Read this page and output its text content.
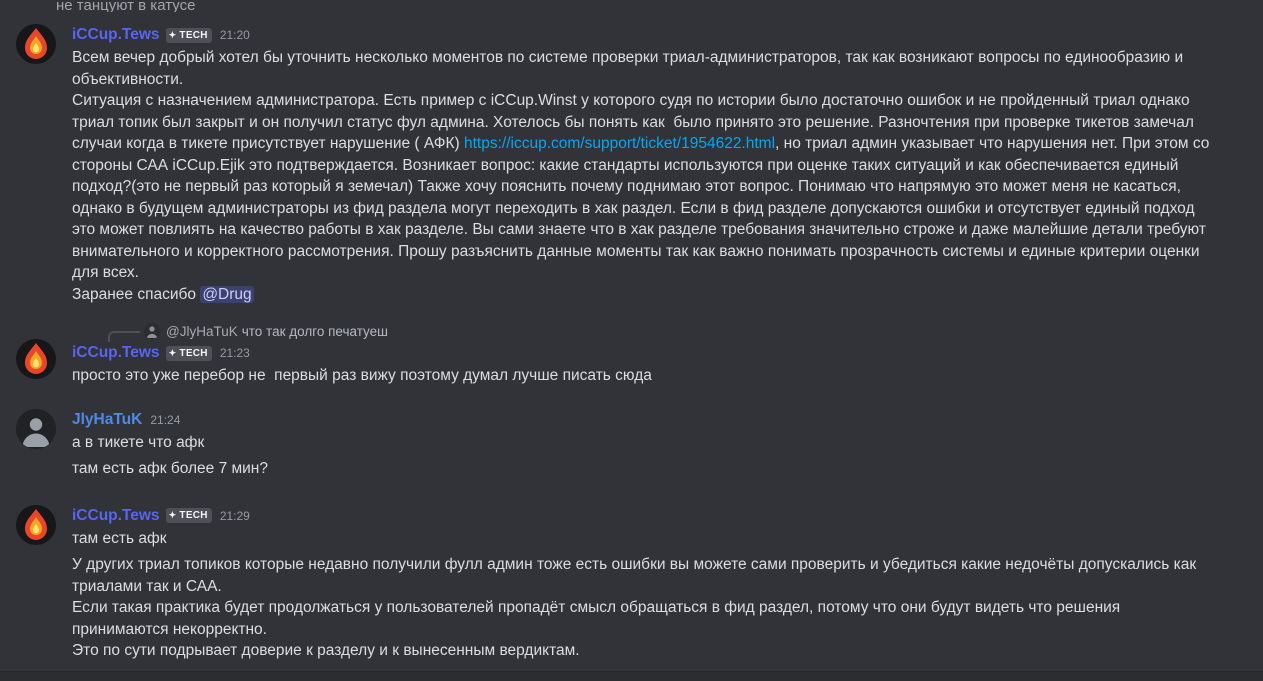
не танцуют в катусе
iCCup.Tews ✦ TECH 21:20
Всем вечер добрый хотел бы уточнить несколько моментов по системе проверки триал-администраторов, так как возникают вопросы по единообразию и объективности.
Ситуация с назначением администратора. Есть пример с iCCup.Winst у которого судя по истории было достаточно ошибок и не пройденный триал однако триал топик был закрыт и он получил статус фул админа. Хотелось бы понять как  было принято это решение. Разночтения при проверке тикетов замечал случаи когда в тикете присутствует нарушение ( АФК) https://iccup.com/support/ticket/1954622.html, но триал админ указывает что нарушения нет. При этом со стороны САА iCCup.Ejik это подтверждается. Возникает вопрос: какие стандарты используются при оценке таких ситуаций и как обеспечивается единый подход?(это не первый раз который я земечал) Также хочу пояснить почему поднимаю этот вопрос. Понимаю что напрямую это может меня не касаться, однако в будущем администраторы из фид раздела могут переходить в хак раздел. Если в фид разделе допускаются ошибки и отсутствует единый подход это может повлиять на качество работы в хак разделе. Вы сами знаете что в хак разделе требования значительно строже и даже малейшие детали требуют внимательного и корректного рассмотрения. Прошу разъяснить данные моменты так как важно понимать прозрачность системы и единые критерии оценки для всех.
Заранее спасибо @Drug
@JlyHaTuK что так долго печатуеш
iCCup.Tews ✦ TECH 21:23
просто это уже перебор не  первый раз вижу поэтому думал лучше писать сюда
JlyHaTuK 21:24
а в тикете что афк
там есть афк более 7 мин?
iCCup.Tews ✦ TECH 21:29
там есть афк
У других триал топиков которые недавно получили фулл админ тоже есть ошибки вы можете сами проверить и убедиться какие недочёты допускались как триалами так и САА.
Если такая практика будет продолжаться у пользователей пропадёт смысл обращаться в фид раздел, потому что они будут видеть что решения принимаются некорректно.
Это по сути подрывает доверие к разделу и к вынесенным вердиктам.
